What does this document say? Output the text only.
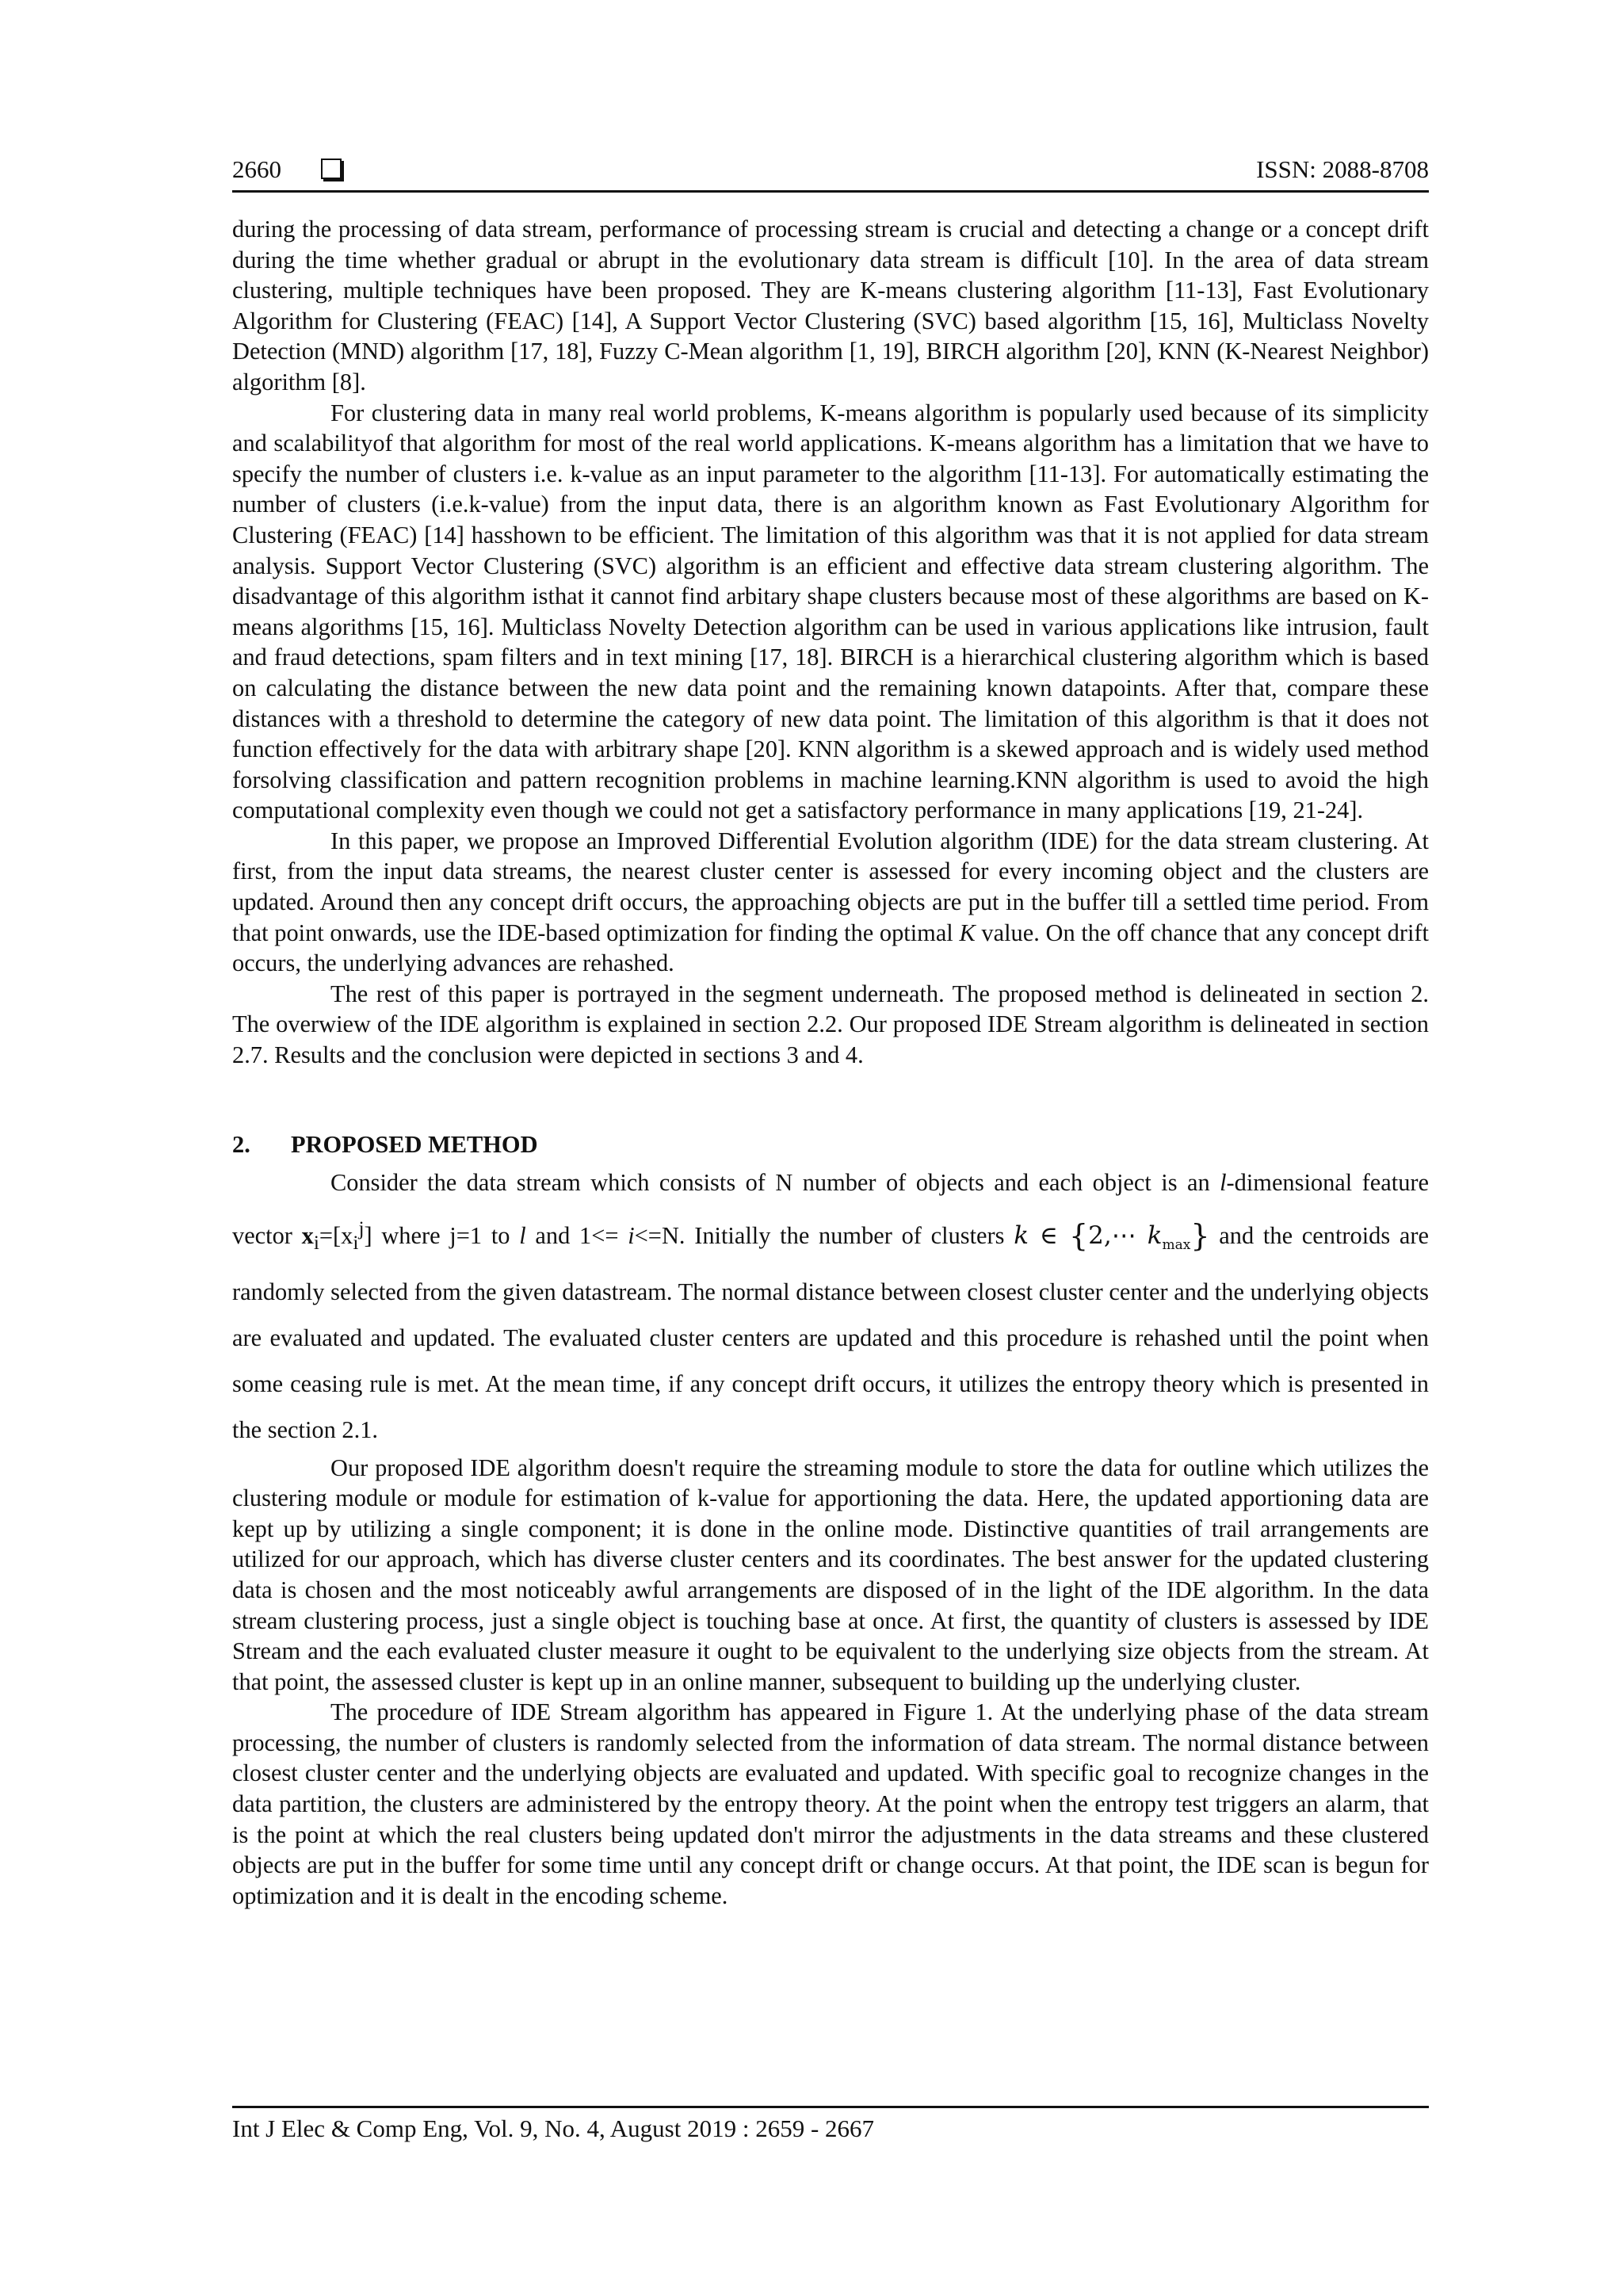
2660	ISSN: 2088-8708

during the processing of data stream, performance of processing stream is crucial and detecting a change or a concept drift during the time whether gradual or abrupt in the evolutionary data stream is difficult [10]. In the area of data stream clustering, multiple techniques have been proposed. They are K-means clustering algorithm [11-13], Fast Evolutionary Algorithm for Clustering (FEAC) [14], A Support Vector Clustering (SVC) based algorithm [15, 16], Multiclass Novelty Detection (MND) algorithm [17, 18], Fuzzy C-Mean algorithm [1, 19], BIRCH algorithm [20], KNN (K-Nearest Neighbor) algorithm [8].

For clustering data in many real world problems, K-means algorithm is popularly used because of its simplicity and scalabilityof that algorithm for most of the real world applications. K-means algorithm has a limitation that we have to specify the number of clusters i.e. k-value as an input parameter to the algorithm [11-13]. For automatically estimating the number of clusters (i.e.k-value) from the input data, there is an algorithm known as Fast Evolutionary Algorithm for Clustering (FEAC) [14] hasshown to be efficient. The limitation of this algorithm was that it is not applied for data stream analysis. Support Vector Clustering (SVC) algorithm is an efficient and effective data stream clustering algorithm. The disadvantage of this algorithm isthat it cannot find arbitary shape clusters because most of these algorithms are based on K-means algorithms [15, 16]. Multiclass Novelty Detection algorithm can be used in various applications like intrusion, fault and fraud detections, spam filters and in text mining [17, 18]. BIRCH is a hierarchical clustering algorithm which is based on calculating the distance between the new data point and the remaining known datapoints. After that, compare these distances with a threshold to determine the category of new data point. The limitation of this algorithm is that it does not function effectively for the data with arbitrary shape [20]. KNN algorithm is a skewed approach and is widely used method forsolving classification and pattern recognition problems in machine learning.KNN algorithm is used to avoid the high computational complexity even though we could not get a satisfactory performance in many applications [19, 21-24].

In this paper, we propose an Improved Differential Evolution algorithm (IDE) for the data stream clustering. At first, from the input data streams, the nearest cluster center is assessed for every incoming object and the clusters are updated. Around then any concept drift occurs, the approaching objects are put in the buffer till a settled time period. From that point onwards, use the IDE-based optimization for finding the optimal K value. On the off chance that any concept drift occurs, the underlying advances are rehashed.

The rest of this paper is portrayed in the segment underneath. The proposed method is delineated in section 2. The overwiew of the IDE algorithm is explained in section 2.2. Our proposed IDE Stream algorithm is delineated in section 2.7. Results and the conclusion were depicted in sections 3 and 4.

2. PROPOSED METHOD

Consider the data stream which consists of N number of objects and each object is an l-dimensional feature vector $x_i=[x_i^j]$ where j=1 to l and 1<= i<=N. Initially the number of clusters k ∈ {2,⋯ $k_{max}$} and the centroids are randomly selected from the given datastream. The normal distance between closest cluster center and the underlying objects are evaluated and updated. The evaluated cluster centers are updated and this procedure is rehashed until the point when some ceasing rule is met. At the mean time, if any concept drift occurs, it utilizes the entropy theory which is presented in the section 2.1.

Our proposed IDE algorithm doesn't require the streaming module to store the data for outline which utilizes the clustering module or module for estimation of k-value for apportioning the data. Here, the updated apportioning data are kept up by utilizing a single component; it is done in the online mode. Distinctive quantities of trail arrangements are utilized for our approach, which has diverse cluster centers and its coordinates. The best answer for the updated clustering data is chosen and the most noticeably awful arrangements are disposed of in the light of the IDE algorithm. In the data stream clustering process, just a single object is touching base at once. At first, the quantity of clusters is assessed by IDE Stream and the each evaluated cluster measure it ought to be equivalent to the underlying size objects from the stream. At that point, the assessed cluster is kept up in an online manner, subsequent to building up the underlying cluster.

The procedure of IDE Stream algorithm has appeared in Figure 1. At the underlying phase of the data stream processing, the number of clusters is randomly selected from the information of data stream. The normal distance between closest cluster center and the underlying objects are evaluated and updated. With specific goal to recognize changes in the data partition, the clusters are administered by the entropy theory. At the point when the entropy test triggers an alarm, that is the point at which the real clusters being updated don't mirror the adjustments in the data streams and these clustered objects are put in the buffer for some time until any concept drift or change occurs. At that point, the IDE scan is begun for optimization and it is dealt in the encoding scheme.

Int J Elec & Comp Eng, Vol. 9, No. 4, August 2019 : 2659 - 2667
